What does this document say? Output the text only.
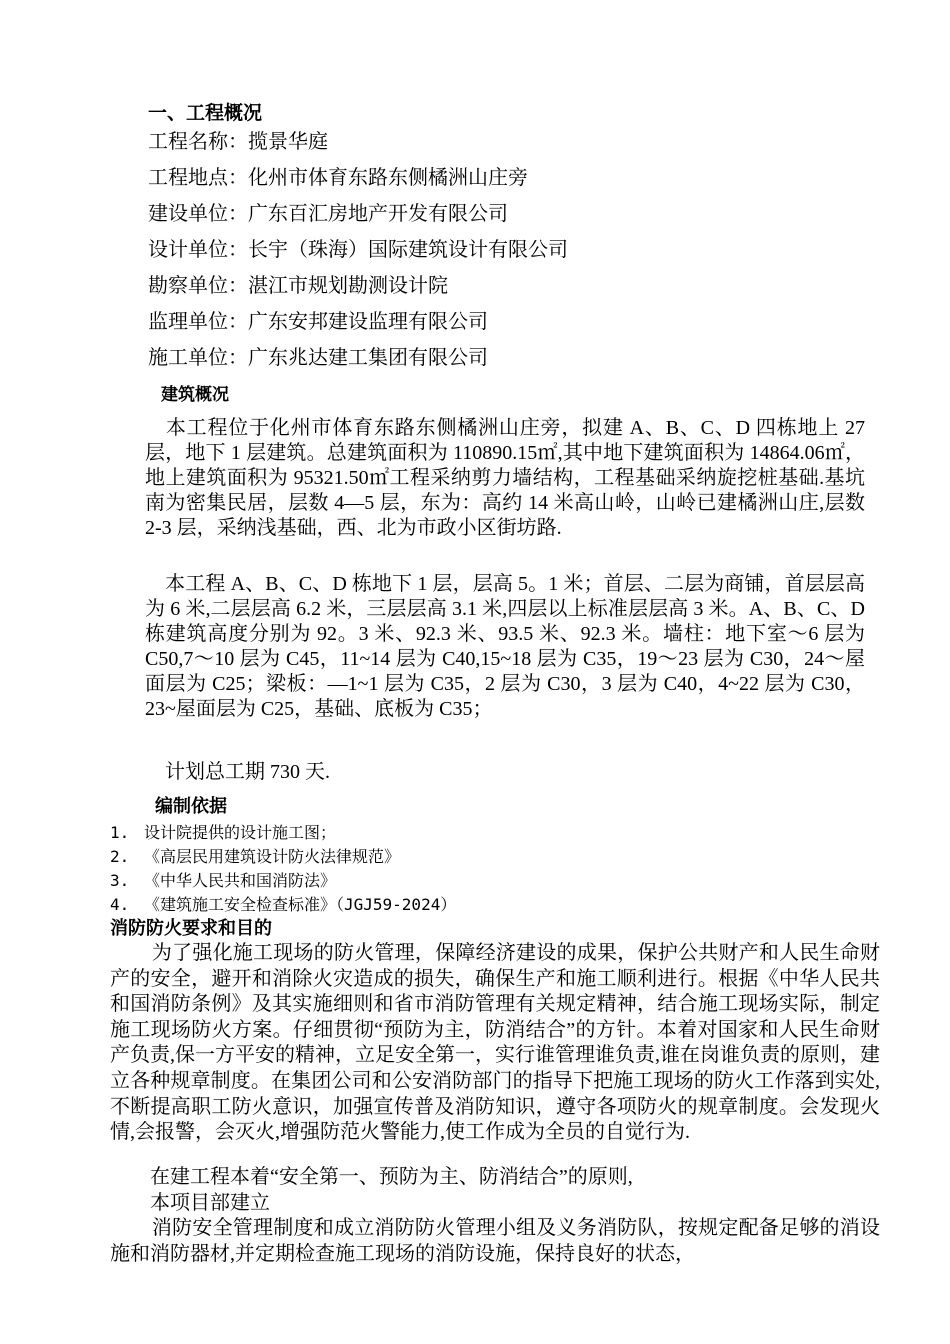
一、工程概况
工程名称：揽景华庭
工程地点：化州市体育东路东侧橘洲山庄旁
建设单位：广东百汇房地产开发有限公司
设计单位：长宇（珠海）国际建筑设计有限公司
勘察单位：湛江市规划勘测设计院
监理单位：广东安邦建设监理有限公司
施工单位：广东兆达建工集团有限公司
建筑概况

　本工程位于化州市体育东路东侧橘洲山庄旁，拟建 A、B、C、D 四栋地上 27 层，地下 1 层建筑。总建筑面积为 110890.15㎡,其中地下建筑面积为 14864.06㎡，地上建筑面积为 95321.50㎡工程采纳剪力墙结构，工程基础采纳旋挖桩基础.基坑南为密集民居，层数 4—5 层，东为：高约 14 米高山岭，山岭已建橘洲山庄,层数 2-3 层，采纳浅基础，西、北为市政小区街坊路.

　本工程 A、B、C、D 栋地下 1 层，层高 5。1 米；首层、二层为商铺，首层层高为 6 米,二层层高 6.2 米，三层层高 3.1 米,四层以上标准层层高 3 米。A、B、C、D 栋建筑高度分别为 92。3 米、92.3 米、93.5 米、92.3 米。墙柱：地下室～6 层为 C50,7～10 层为 C45，11~14 层为 C40,15~18 层为 C35，19～23 层为 C30，24～屋面层为 C25；梁板：—1~1 层为 C35，2 层为 C30，3 层为 C40，4~22 层为 C30，23~屋面层为 C25，基础、底板为 C35；

　计划总工期 730 天.

编制依据
1. 设计院提供的设计施工图；
2. 《高层民用建筑设计防火法律规范》
3. 《中华人民共和国消防法》
4. 《建筑施工安全检查标准》（JGJ59-2024）
消防防火要求和目的

为了强化施工现场的防火管理，保障经济建设的成果，保护公共财产和人民生命财产的安全，避开和消除火灾造成的损失，确保生产和施工顺利进行。根据《中华人民共和国消防条例》及其实施细则和省市消防管理有关规定精神，结合施工现场实际，制定施工现场防火方案。仔细贯彻“预防为主，防消结合”的方针。本着对国家和人民生命财产负责,保一方平安的精神，立足安全第一，实行谁管理谁负责,谁在岗谁负责的原则，建立各种规章制度。在集团公司和公安消防部门的指导下把施工现场的防火工作落到实处,不断提高职工防火意识，加强宣传普及消防知识，遵守各项防火的规章制度。会发现火情,会报警，会灭火,增强防范火警能力,使工作成为全员的自觉行为.

在建工程本着“安全第一、预防为主、防消结合”的原则,

本项目部建立

消防安全管理制度和成立消防防火管理小组及义务消防队，按规定配备足够的消设施和消防器材,并定期检查施工现场的消防设施，保持良好的状态，
